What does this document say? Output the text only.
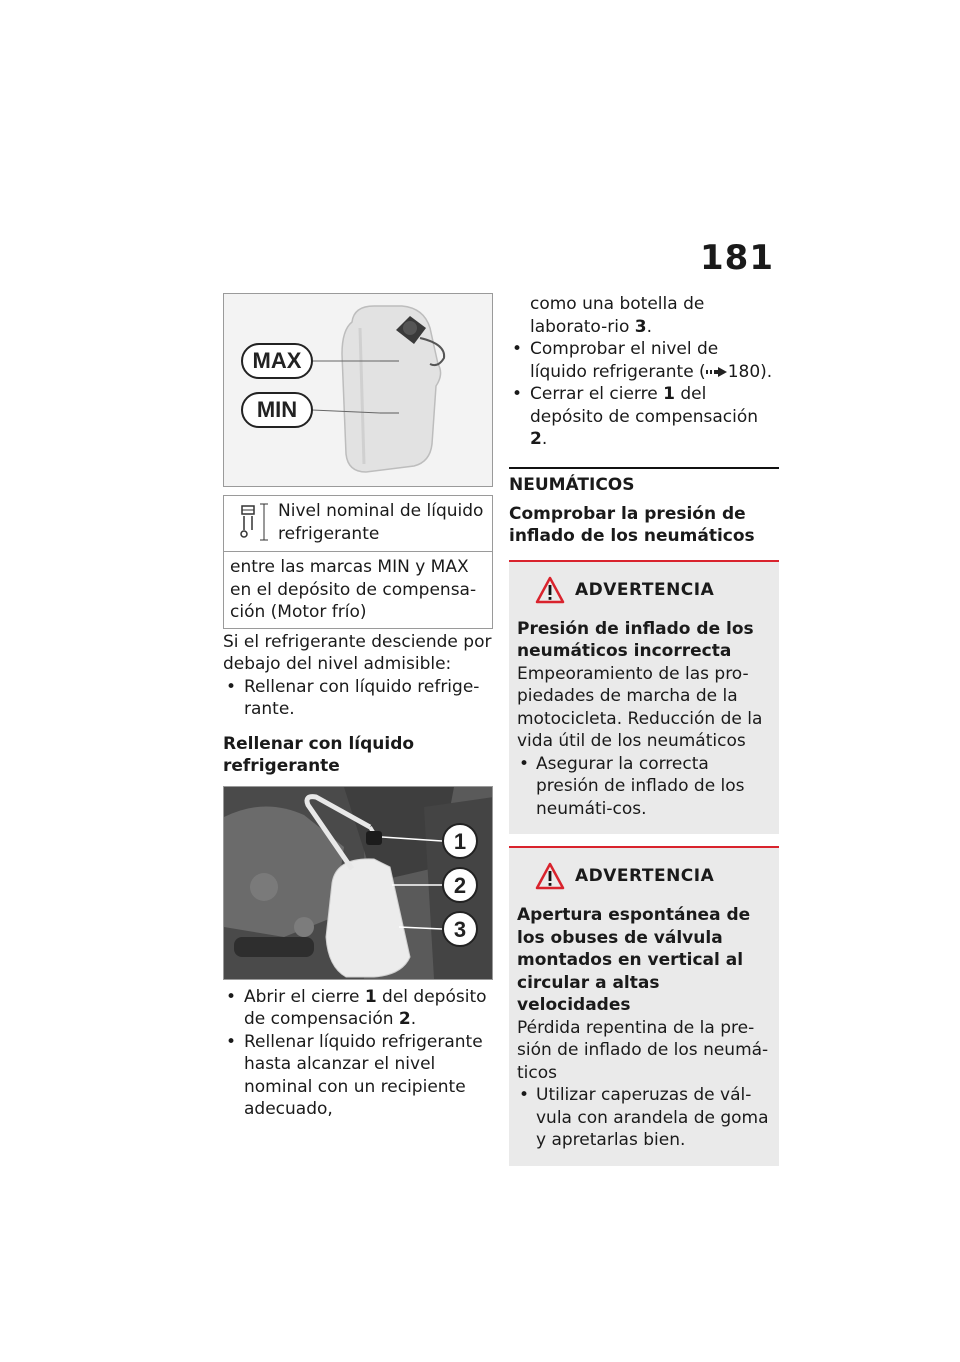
181
MAX
MIN
Nivel nominal de líquido refrigerante
entre las marcas MIN y MAX en el depósito de compensa-ción (Motor frío)
Si el refrigerante desciende por debajo del nivel admisible:
• Rellenar con líquido refrige-rante.
Rellenar con líquido refrigerante
1
2
3
• Abrir el cierre 1 del depósito de compensación 2.
• Rellenar líquido refrigerante hasta alcanzar el nivel nominal con un recipiente adecuado,
como una botella de laborato-rio 3.
• Comprobar el nivel de líquido refrigerante ( 180).
• Cerrar el cierre 1 del depósito de compensación 2.
NEUMÁTICOS
Comprobar la presión de inflado de los neumáticos
ADVERTENCIA
Presión de inflado de los neumáticos incorrecta
Empeoramiento de las pro-piedades de marcha de la motocicleta. Reducción de la vida útil de los neumáticos
• Asegurar la correcta presión de inflado de los neumáti-cos.
ADVERTENCIA
Apertura espontánea de los obuses de válvula montados en vertical al circular a altas velocidades
Pérdida repentina de la pre-sión de inflado de los neumá-ticos
• Utilizar caperuzas de vál-vula con arandela de goma y apretarlas bien.
